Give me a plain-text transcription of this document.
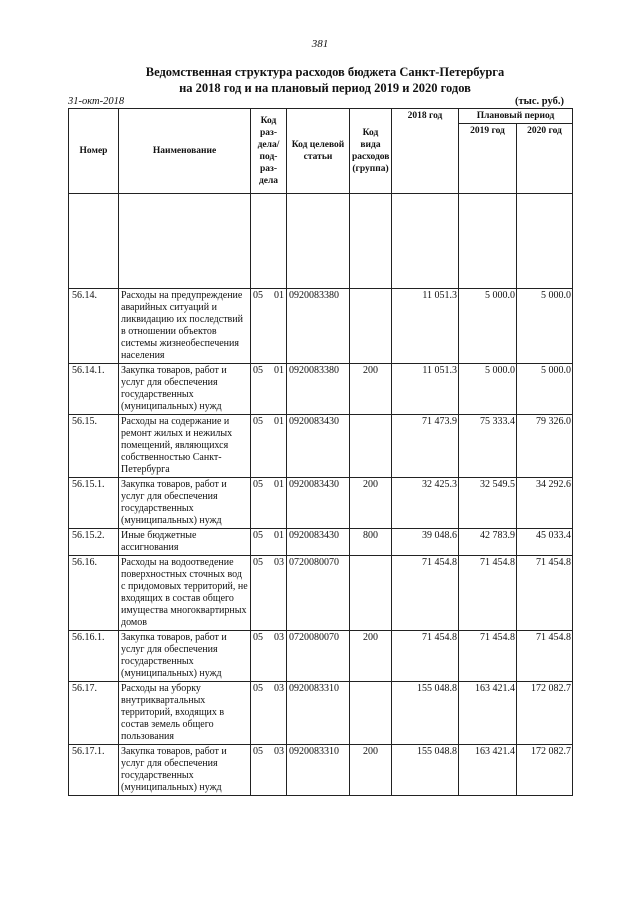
381
Ведомственная структура расходов бюджета Санкт-Петербурга
на 2018 год и на плановый период 2019 и 2020 годов
31-окт-2018	(тыс. руб.)
Номер	Наименование	Код раз- дела/ под- раз- дела		Код целевой статьи	Код вида расходов (группа)	2018 год	Плановый период	
							2019 год	2020 год

56.14.	Расходы на предупреждение аварийных ситуаций и ликвидацию их последствий в отношении объектов системы жизнеобеспечения населения	05	01	0920083380		11 051.3	5 000.0	5 000.0
56.14.1.	Закупка товаров, работ и услуг для обеспечения государственных (муниципальных) нужд	05	01	0920083380	200	11 051.3	5 000.0	5 000.0
56.15.	Расходы на содержание и ремонт жилых и нежилых помещений, являющихся собственностью Санкт-Петербурга	05	01	0920083430		71 473.9	75 333.4	79 326.0
56.15.1.	Закупка товаров, работ и услуг для обеспечения государственных (муниципальных) нужд	05	01	0920083430	200	32 425.3	32 549.5	34 292.6
56.15.2.	Иные бюджетные ассигнования	05	01	0920083430	800	39 048.6	42 783.9	45 033.4
56.16.	Расходы на водоотведение поверхностных сточных вод с придомовых территорий, не входящих в состав общего имущества многоквартирных домов	05	03	0720080070		71 454.8	71 454.8	71 454.8
56.16.1.	Закупка товаров, работ и услуг для обеспечения государственных (муниципальных) нужд	05	03	0720080070	200	71 454.8	71 454.8	71 454.8
56.17.	Расходы на уборку внутриквартальных территорий, входящих в состав земель общего пользования	05	03	0920083310		155 048.8	163 421.4	172 082.7
56.17.1.	Закупка товаров, работ и услуг для обеспечения государственных (муниципальных) нужд	05	03	0920083310	200	155 048.8	163 421.4	172 082.7
